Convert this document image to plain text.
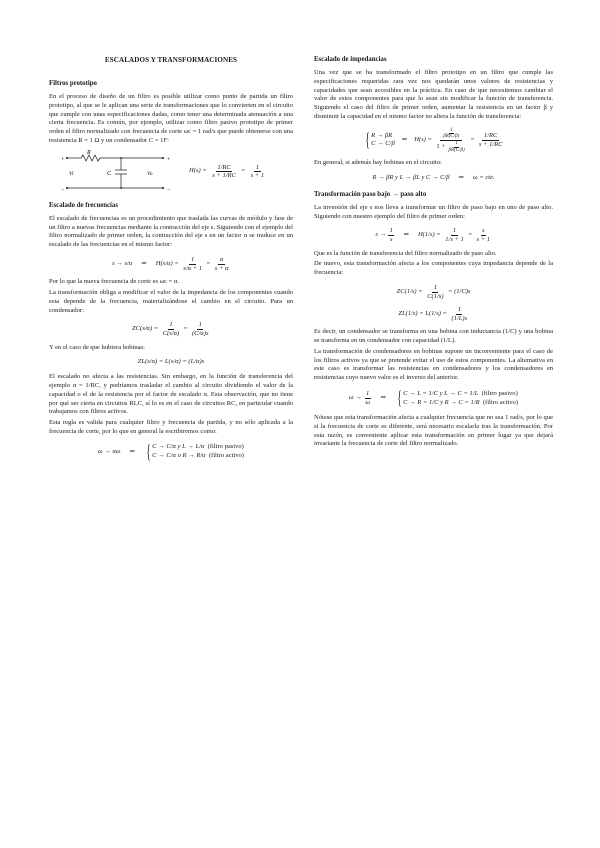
ESCALADOS Y TRANSFORMACIONES
Filtros prototipo

En el proceso de diseño de un filtro es posible utilizar como punto de partida un filtro prototipo, al que se le aplican una serie de transformaciones que lo convierten en el circuito que cumple con unas especificaciones dadas, como tener una determinada atenuación a una cierta frecuencia. Es común, por ejemplo, utilizar como filtro pasivo prototipo de primer orden el filtro normalizado con frecuencia de corte ωc = 1 rad/s que puede obtenerse con una resistencia R = 1 Ω y un condensador C = 1F:

R
C
Vi	Vo
+
−
+
−
$H(s) = \frac{1/RC}{s + 1/RC} = \frac{1}{s + 1}$
Escalado de frecuencias

El escalado de frecuencias es un procedimiento que traslada las curvas de módulo y fase de un filtro a nuevas frecuencias mediante la contracción del eje s. Siguiendo con el ejemplo del filtro normalizado de primer orden, la contracción del eje s en un factor α se traduce en un escalado de las frecuencias en el mismo factor:

s → s/α ⇒ $H(s/\alpha) = \frac{1}{s/\alpha + 1} = \frac{\alpha}{s + \alpha}$

Por lo que la nueva frecuencia de corte es ωc = α.

La transformación obliga a modificar el valor de la impedancia de los componentes cuando esta depende de la frecuencia, materializándose el cambio en el circuito. Para un condensador:

$ZC(s/\alpha) = \frac{1}{C(s/\alpha)} = \frac{1}{(C/\alpha)s}$

Y en el caso de que hubiera bobinas:

ZL(s/α) = L(s/α) = (L/α)s

El escalado no afecta a las resistencias. Sin embargo, en la función de transferencia del ejemplo α = 1/RC, y podríamos trasladar el cambio al circuito dividiendo el valor de la capacidad o el de la resistencia por el factor de escalado α. Esta observación, que no tiene por qué ser cierta en circuitos RLC, sí lo es en el caso de circuitos RC, en particular cuando trabajamos con filtros activos.

Esta regla es valida para cualquier filtro y frecuencia de partida, y no sólo aplicada a la frecuencia de corte, por lo que en general la escribiremos como:

ω → αω ⇒ { C → C/α y L → L/α (filtro pasivo)
C → C/α o R → R/α (filtro activo)
Escalado de impedancias

Una vez que se ha transformado el filtro prototipo en un filtro que cumple las especificaciones requeridas rara vez nos quedarán unos valores de resistencias y capacidades que sean accesibles en la práctica. En caso de que necesitemos cambiar el valor de estos componentes para que lo sean sin modificar la función de transferencia. Siguiendo el caso del filtro de primer orden, aumentar la resistencia en un factor β y disminuir la capacidad en el mismo factor no altera la función de transferencia:

{ R → βR
C → C/β
⇒ $H(s) = \frac{\frac{1}{\beta R(C/\beta)}}{1 + \frac{1}{\beta R(C/\beta)}} = \frac{1/RC}{s + 1/RC}$

En general, si además hay bobinas en el circuito:

R → βR y L → βL y C → C/β ⇒ ω = cte.
Transformación paso bajo → paso alto

La inversión del eje s nos lleva a transformar un filtro de paso bajo en uno de paso alto. Siguiendo con nuestro ejemplo del filtro de primer orden:

$s \to \frac{1}{s}$ ⇒ $H(1/s) = \frac{1}{1/s + 1} = \frac{s}{s + 1}$

Que es la función de transferencia del filtro normalizado de paso alto.

De nuevo, esta transformación afecta a los componentes cuya impedancia depende de la frecuencia:

$ZC(1/s) = \frac{1}{C(1/s)} = (1/C)s$
$ZL(1/s) = L(1/s) = \frac{1}{(1/L)s}$

Es decir, un condensador se transforma en una bobina con inductancia (1/C) y una bobina se transforma en un condensador con capacidad (1/L).

La transformación de condensadores en bobinas supone un inconveniente para el caso de los filtros activos ya que se pretende evitar el uso de estos componentes. La alternativa en este caso es transformar las resistencias en condensadores y los condensadores en resistencias cuyo nuevo valor es el inverso del anterior.

$\omega \to \frac{1}{\omega}$ ⇒ { C → L = 1/C y L → C = 1/L (filtro pasivo)
C → R = 1/C y R → C = 1/R (filtro activo)

Nótese que esta transformación afecta a cualquier frecuencia que no sea 1 rad/s, por lo que si la frecuencia de corte es diferente, será necesario escalarla tras la transformación. Por esta razón, es conveniente aplicar esta transformación en primer lugar ya que dejará invariante la frecuencia de corte del filtro normalizado.
